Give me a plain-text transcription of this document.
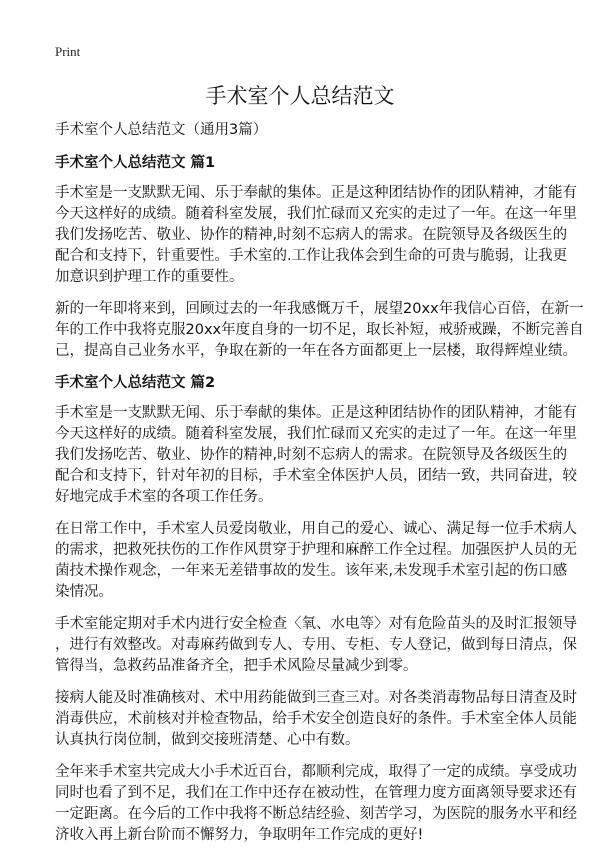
Print
手术室个人总结范文
手术室个人总结范文（通用3篇）
手术室个人总结范文 篇1
手术室是一支默默无闻、乐于奉献的集体。正是这种团结协作的团队精神，才能有
今天这样好的成绩。随着科室发展，我们忙碌而又充实的走过了一年。在这一年里
我们发扬吃苦、敬业、协作的精神,时刻不忘病人的需求。在院领导及各级医生的
配合和支持下，针重要性。手术室的.工作让我体会到生命的可贵与脆弱，让我更
加意识到护理工作的重要性。
新的一年即将来到，回顾过去的一年我感慨万千，展望20xx年我信心百倍，在新一
年的工作中我将克服20xx年度自身的一切不足，取长补短，戒骄戒躁，不断完善自
己，提高自己业务水平，争取在新的一年在各方面都更上一层楼，取得辉煌业绩。
手术室个人总结范文 篇2
手术室是一支默默无闻、乐于奉献的集体。正是这种团结协作的团队精神，才能有
今天这样好的成绩。随着科室发展，我们忙碌而又充实的走过了一年。在这一年里
我们发扬吃苦、敬业、协作的精神,时刻不忘病人的需求。在院领导及各级医生的
配合和支持下，针对年初的目标，手术室全体医护人员，团结一致，共同奋进，较
好地完成手术室的各项工作任务。
在日常工作中，手术室人员爱岗敬业，用自己的爱心、诚心、满足每一位手术病人
的需求，把救死扶伤的工作作风贯穿于护理和麻醉工作全过程。加强医护人员的无
菌技术操作观念，一年来无差错事故的发生。该年来,未发现手术室引起的伤口感
染情况。
手术室能定期对手术内进行安全检查〈氧、水电等〉对有危险苗头的及时汇报领导
，进行有效整改。对毒麻药做到专人、专用、专柜、专人登记，做到每日清点，保
管得当，急救药品准备齐全，把手术风险尽量减少到零。
接病人能及时准确核对、术中用药能做到三查三对。对各类消毒物品每日清查及时
消毒供应，术前核对并检查物品，给手术安全创造良好的条件。手术室全体人员能
认真执行岗位制，做到交接班清楚、心中有数。
全年来手术室共完成大小手术近百台，都顺利完成，取得了一定的成绩。享受成功
同时也看了到不足，我们在工作中还存在被动性，在管理力度方面离领导要求还有
一定距离。在今后的工作中我将不断总结经验、刻苦学习，为医院的服务水平和经
济收入再上新台阶而不懈努力，争取明年工作完成的更好!
